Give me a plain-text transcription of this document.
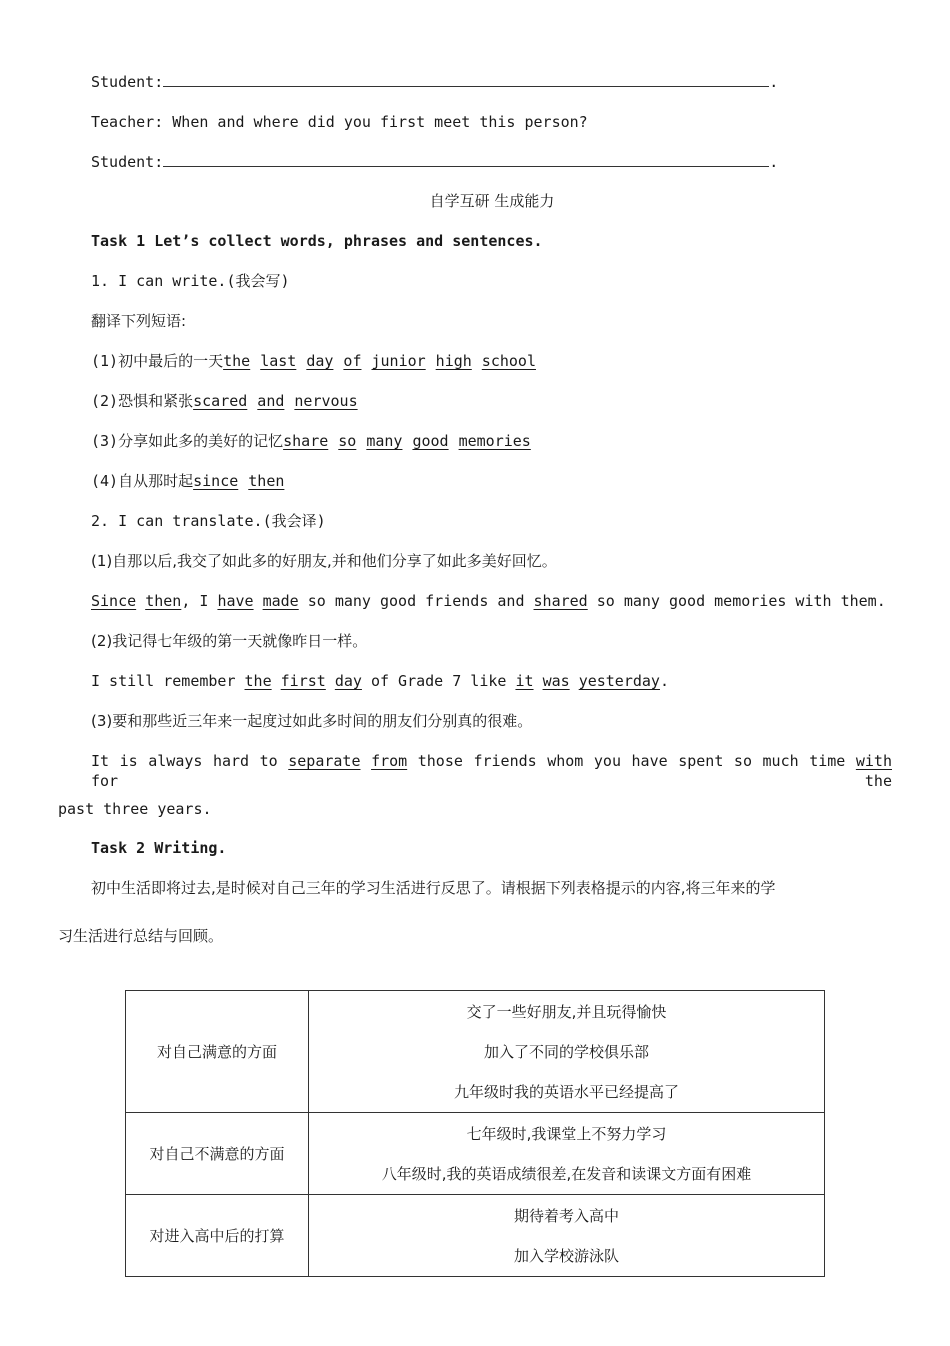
Student:	.
Teacher: When and where did you first meet this person?
Student:	.
自学互研 生成能力
Task 1 Let’s collect words, phrases and sentences.
1. I can write.(我会写)
翻译下列短语:
(1)初中最后的一天the last day of junior high school
(2)恐惧和紧张scared and nervous
(3)分享如此多的美好的记忆share so many good memories
(4)自从那时起since then
2. I can translate.(我会译)
(1)自那以后,我交了如此多的好朋友,并和他们分享了如此多美好回忆。
Since then, I have made so many good friends and shared so many good memories with them.
(2)我记得七年级的第一天就像昨日一样。
I still remember the first day of Grade 7 like it was yesterday.
(3)要和那些近三年来一起度过如此多时间的朋友们分别真的很难。
It is always hard to separate from those friends whom you have spent so much time with for the
past three years.
Task 2 Writing.
初中生活即将过去,是时候对自己三年的学习生活进行反思了。请根据下列表格提示的内容,将三年来的学
习生活进行总结与回顾。
对自己满意的方面	交了一些好朋友,并且玩得愉快
加入了不同的学校俱乐部
九年级时我的英语水平已经提高了

对自己不满意的方面	七年级时,我课堂上不努力学习
八年级时,我的英语成绩很差,在发音和读课文方面有困难

对进入高中后的打算	期待着考入高中
加入学校游泳队
